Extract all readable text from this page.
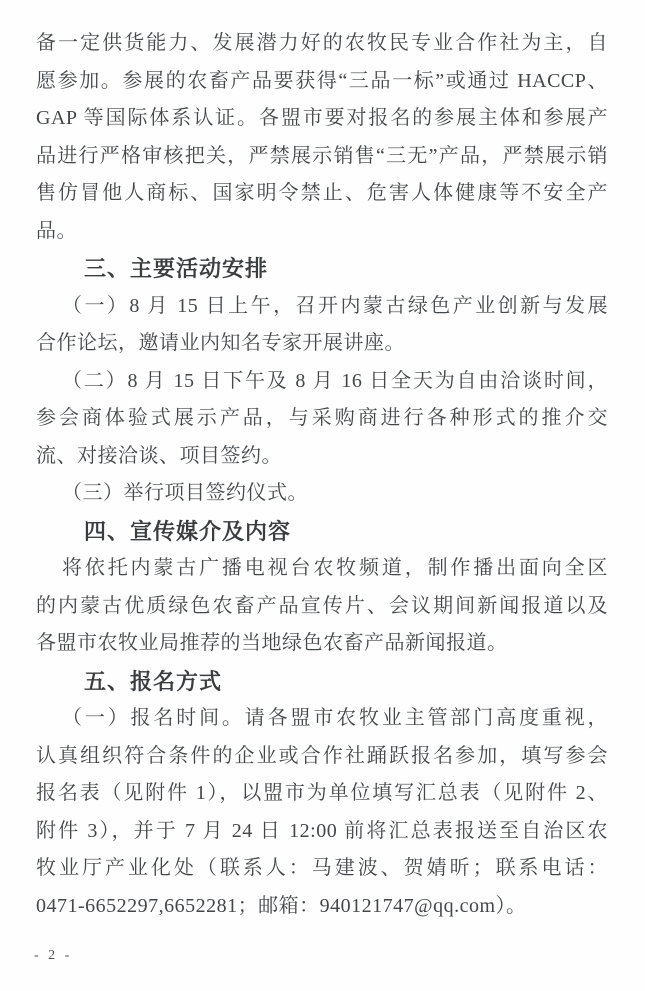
备一定供货能力、发展潜力好的农牧民专业合作社为主，自
愿参加。参展的农畜产品要获得“三品一标”或通过 HACCP、
GAP 等国际体系认证。各盟市要对报名的参展主体和参展产
品进行严格审核把关，严禁展示销售“三无”产品，严禁展示销
售仿冒他人商标、国家明令禁止、危害人体健康等不安全产
品。
三、主要活动安排
（一）8 月 15 日上午，召开内蒙古绿色产业创新与发展
合作论坛，邀请业内知名专家开展讲座。
（二）8 月 15 日下午及 8 月 16 日全天为自由洽谈时间，
参会商体验式展示产品，与采购商进行各种形式的推介交
流、对接洽谈、项目签约。
（三）举行项目签约仪式。
四、宣传媒介及内容
将依托内蒙古广播电视台农牧频道，制作播出面向全区
的内蒙古优质绿色农畜产品宣传片、会议期间新闻报道以及
各盟市农牧业局推荐的当地绿色农畜产品新闻报道。
五、报名方式
（一）报名时间。请各盟市农牧业主管部门高度重视，
认真组织符合条件的企业或合作社踊跃报名参加，填写参会
报名表（见附件 1），以盟市为单位填写汇总表（见附件 2、
附件 3），并于 7 月 24 日 12:00 前将汇总表报送至自治区农
牧业厅产业化处（联系人：马建波、贺婧昕；联系电话：
0471-6652297,6652281；邮箱：940121747@qq.com）。
- 2 -
